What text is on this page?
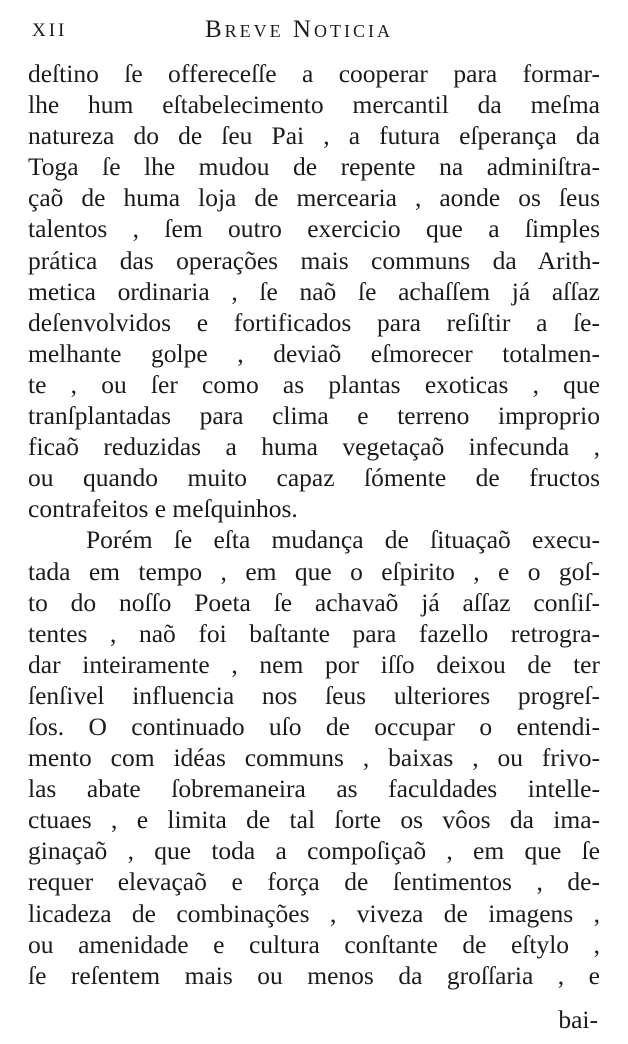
XII	Breve Noticia
deſtino ſe offereceſſe a cooperar para formar-
lhe hum eſtabelecimento mercantil da meſma
natureza do de ſeu Pai , a futura eſperança da
Toga ſe lhe mudou de repente na adminiſtra-
çaõ de huma loja de mercearia , aonde os ſeus
talentos , ſem outro exercicio que a ſimples
prática das operações mais communs da Arith-
metica ordinaria , ſe naõ ſe achaſſem já aſſaz
deſenvolvidos e fortificados para reſiſtir a ſe-
melhante golpe , deviaõ eſmorecer totalmen-
te , ou ſer como as plantas exoticas , que
tranſplantadas para clima e terreno improprio
ficaõ reduzidas a huma vegetaçaõ infecunda ,
ou quando muito capaz ſómente de fructos
contrafeitos e meſquinhos.
Porém ſe eſta mudança de ſituaçaõ execu-
tada em tempo , em que o eſpirito , e o goſ-
to do noſſo Poeta ſe achavaõ já aſſaz conſiſ-
tentes , naõ foi baſtante para fazello retrogra-
dar inteiramente , nem por iſſo deixou de ter
ſenſivel influencia nos ſeus ulteriores progreſ-
ſos. O continuado uſo de occupar o entendi-
mento com idéas communs , baixas , ou frivo-
las abate ſobremaneira as faculdades intelle-
ctuaes , e limita de tal ſorte os vôos da ima-
ginaçaõ , que toda a compoſiçaõ , em que ſe
requer elevaçaõ e força de ſentimentos , de-
licadeza de combinações , viveza de imagens ,
ou amenidade e cultura conſtante de eſtylo ,
ſe reſentem mais ou menos da groſſaria , e
bai-
